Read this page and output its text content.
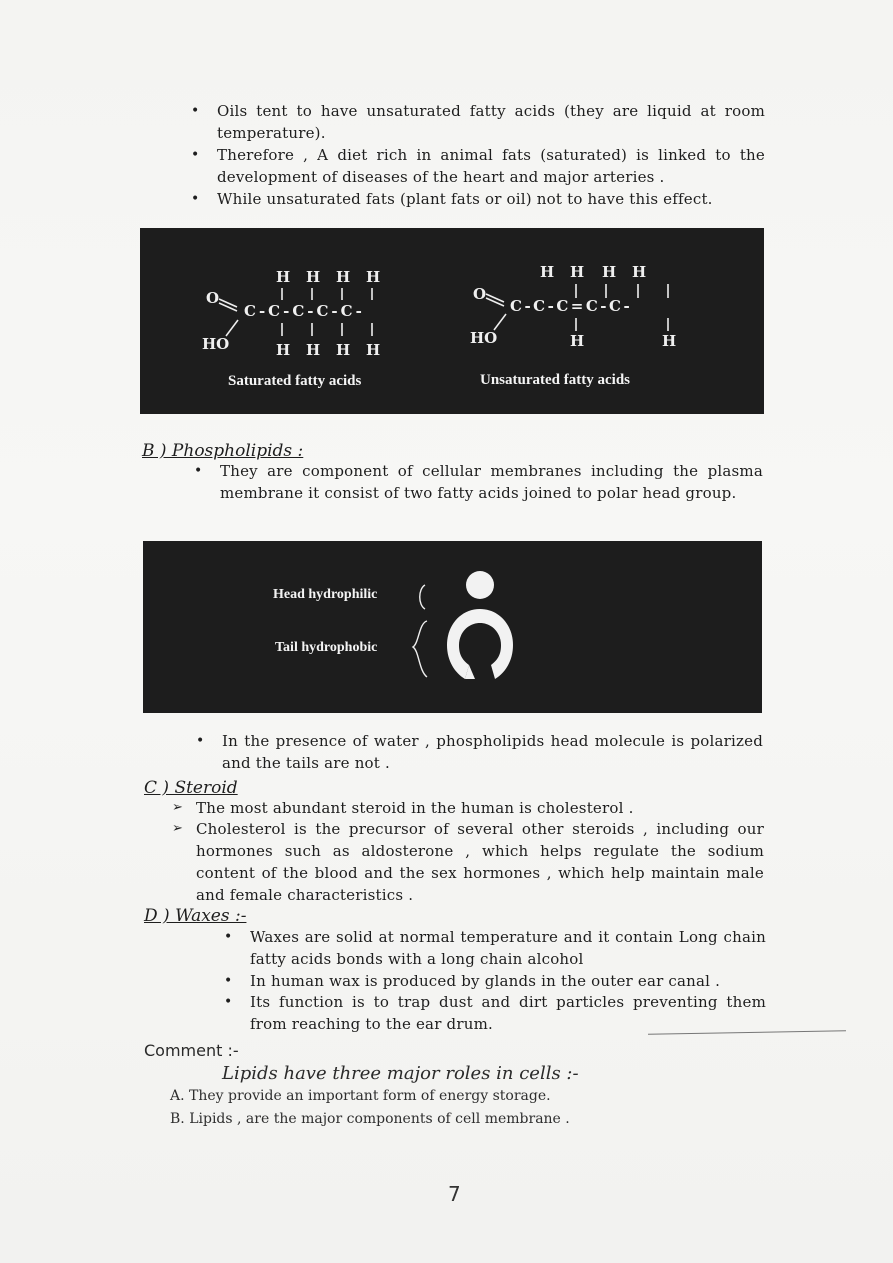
• Oils tent to have unsaturated fatty acids (they are liquid at room temperature).
• Therefore , A diet rich in animal fats (saturated) is linked to the development of diseases of the heart and major arteries .
• While unsaturated fats (plant fats or oil) not to have this effect.
H H H H
O
C-C-C-C-C-
HO	H H H H
Saturated fatty acids
H H H H
O
C-C-C=C-C-
HO	H	H
Unsaturated fatty acids
B ) Phospholipids :
• They are component of cellular membranes including the plasma membrane it consist of two fatty acids joined to polar head group.
Head hydrophilic
Tail hydrophobic
• In the presence of water , phospholipids head molecule is polarized and the tails are not .
C ) Steroid
➢ The most abundant steroid in the human is cholesterol .
➢ Cholesterol is the precursor of several other steroids , including our hormones such as aldosterone , which helps regulate the sodium content of the blood and the sex hormones , which help maintain male and female characteristics .
D ) Waxes :-
• Waxes are solid at normal temperature and it contain Long chain fatty acids bonds with a long chain alcohol
• In human wax is produced by glands in the outer ear canal .
• Its function is to trap dust and dirt particles preventing them from reaching to the ear drum.
Comment :-
Lipids have three major roles in cells :-
A. They provide an important form of energy storage.
B. Lipids , are the major components of cell membrane .
7
